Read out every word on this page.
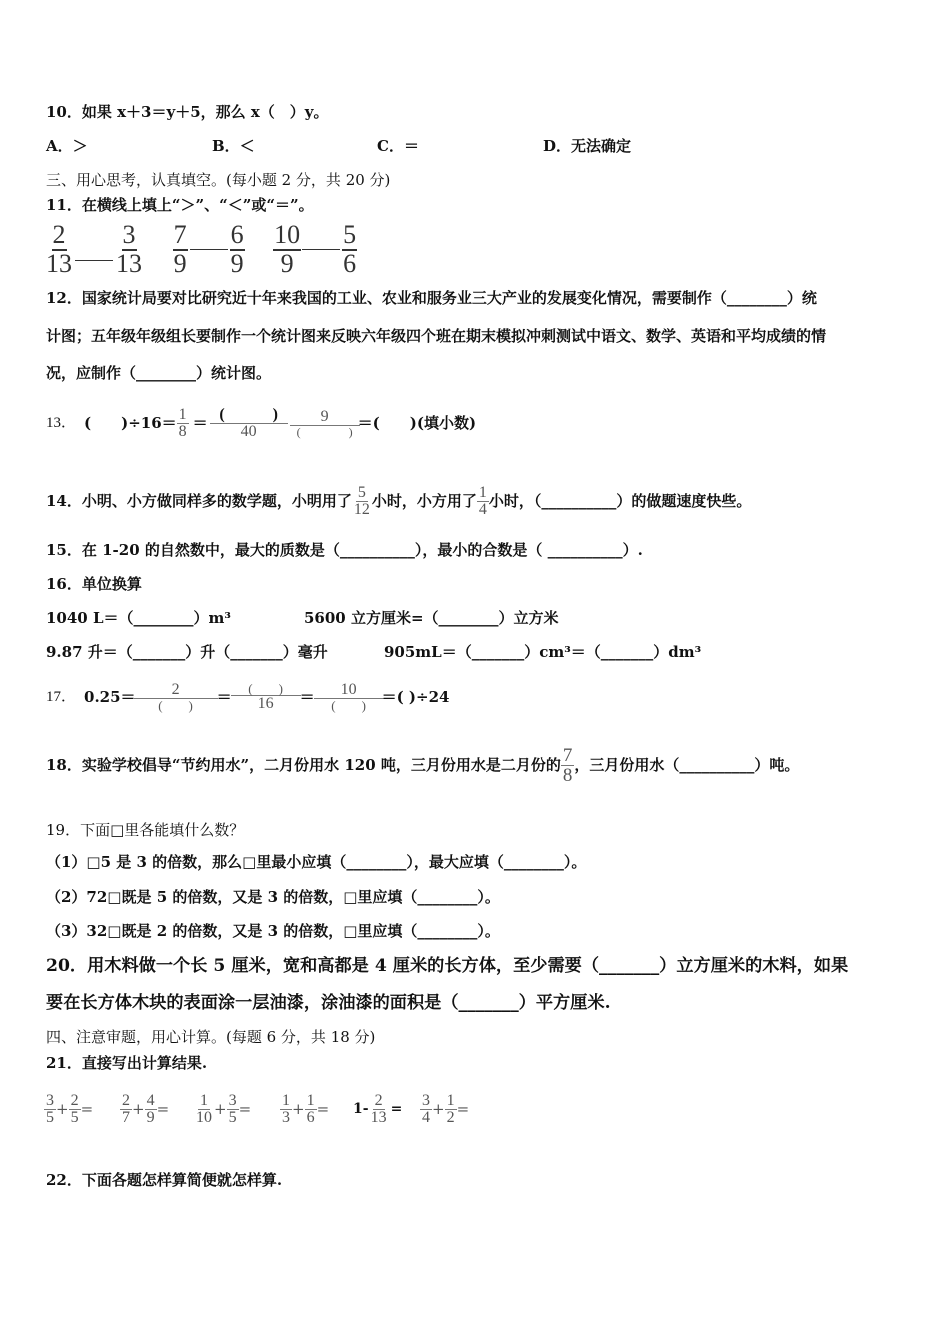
10．如果 x＋3＝y＋5，那么 x（　）y。
A．＞	B．＜	C．＝	D．无法确定
三、用心思考，认真填空。(每小题 2 分，共 20 分)
11．在横线上填上“＞”、“＜”或“＝”。
$\frac{2}{13} \frac{3}{13}$
$\frac{7}{9} \frac{6}{9}$
$\frac{10}{9} \frac{5}{6}$
12．国家统计局要对比研究近十年来我国的工业、农业和服务业三大产业的发展变化情况，需要制作（________）统
计图；五年级年级组长要制作一个统计图来反映六年级四个班在期末模拟冲刺测试中语文、数学、英语和平均成绩的情
况，应制作（________）统计图。
13． (　　)$\div 16= \frac{1}{8} = \frac{( )}{40} \frac{9}{( )}$ ＝(　　)(填小数)
14．小明、小方做同样多的数学题，小明用了 $\frac{5}{12}$ 小时，小方用了 $\frac{1}{4}$ 小时，（__________）的做题速度快些。
15．在 1-20 的自然数中，最大的质数是（__________），最小的合数是（ __________）.
16．单位换算
1040 L＝（________）m³	5600 立方厘米=（________）立方米
9.87 升＝（_______）升（_______）毫升	905mL＝（_______）cm³＝（_______）dm³
17． $0.25= \frac{2}{( )} = \frac{( )}{16} = \frac{10}{( )}$ ＝( )÷24
18．实验学校倡导“节约用水”，二月份用水 120 吨，三月份用水是二月份的 $\frac{7}{8}$ ，三月份用水（__________）吨。
19．下面□里各能填什么数？
（1）□5 是 3 的倍数，那么□里最小应填（________），最大应填（________）。
（2）72□既是 5 的倍数，又是 3 的倍数，□里应填（________）。
（3）32□既是 2 的倍数，又是 3 的倍数，□里应填（________）。
20．用木料做一个长 5 厘米，宽和高都是 4 厘米的长方体，至少需要（_______）立方厘米的木料，如果
要在长方体木块的表面涂一层油漆，涂油漆的面积是（_______）平方厘米.
四、注意审题，用心计算。(每题 6 分，共 18 分)
21．直接写出计算结果.
$\frac{3}{5} + \frac{2}{5} = \frac{2}{7} + \frac{4}{9} = \frac{1}{10} + \frac{3}{5} = \frac{1}{3} + \frac{1}{6} = 1- \frac{2}{13} = \frac{3}{4} + \frac{1}{2}$ =
22．下面各题怎样算简便就怎样算.
